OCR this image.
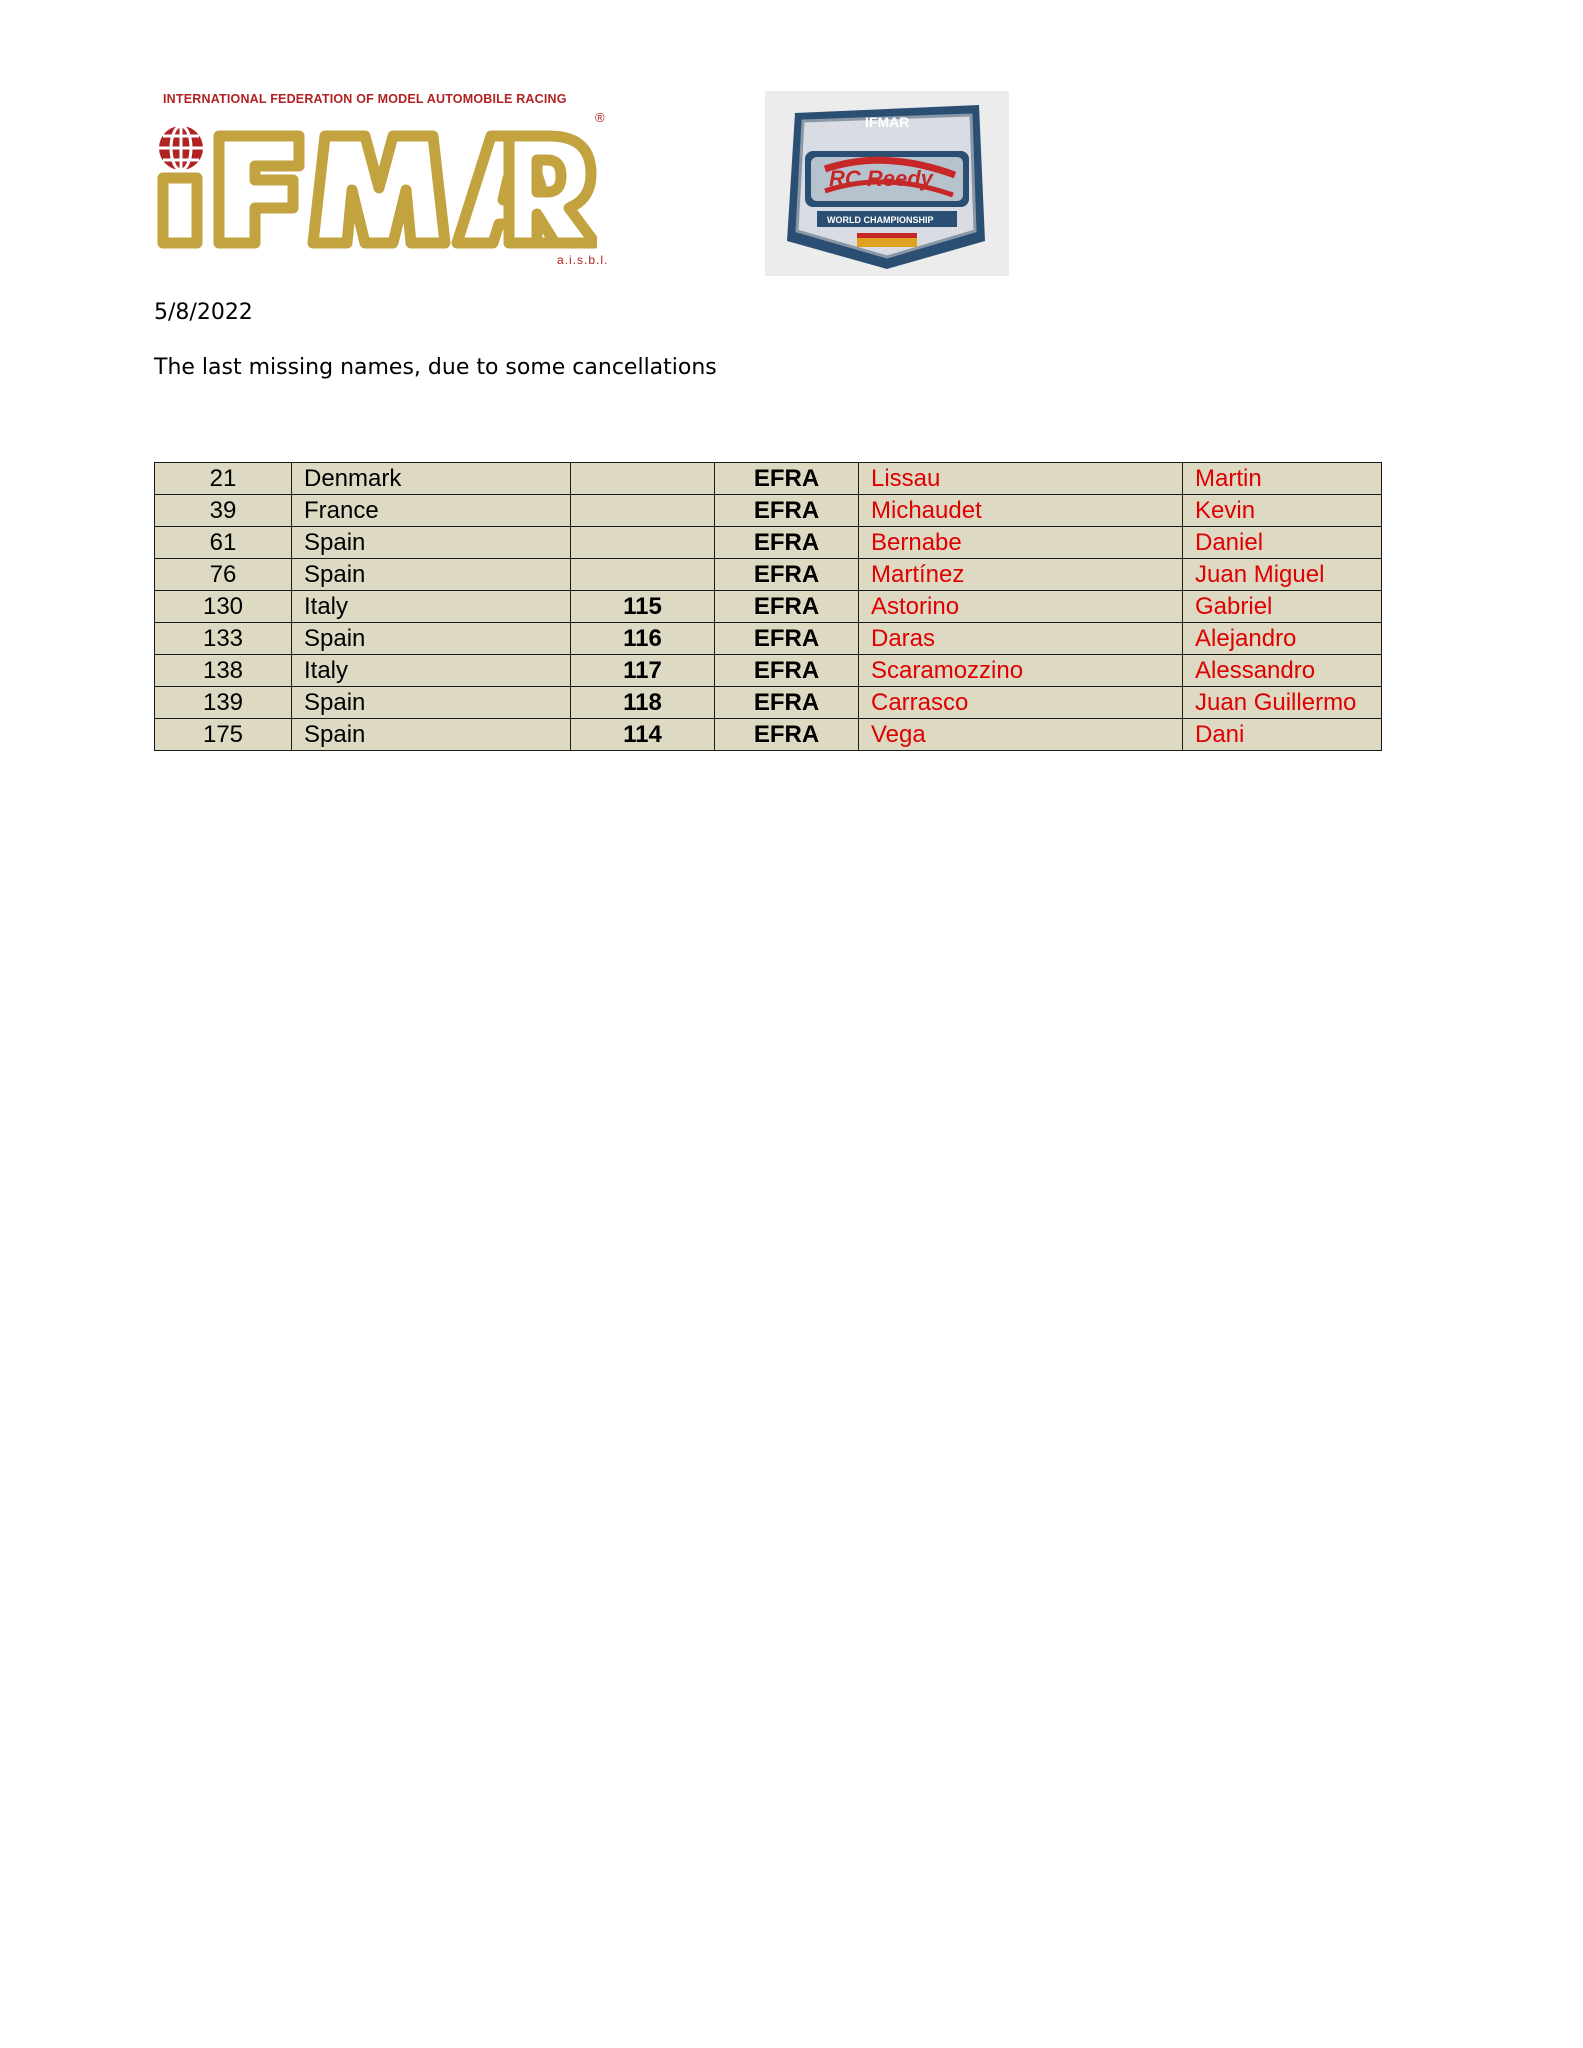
INTERNATIONAL FEDERATION OF MODEL AUTOMOBILE RACING
®
a.i.s.b.l.
IFMAR
RC Reedy
WORLD CHAMPIONSHIP
5/8/2022
The last missing names, due to some cancellations
21	Denmark		EFRA	Lissau	Martin
39	France		EFRA	Michaudet	Kevin
61	Spain		EFRA	Bernabe	Daniel
76	Spain		EFRA	Martínez	Juan Miguel
130	Italy	115	EFRA	Astorino	Gabriel
133	Spain	116	EFRA	Daras	Alejandro
138	Italy	117	EFRA	Scaramozzino	Alessandro
139	Spain	118	EFRA	Carrasco	Juan Guillermo
175	Spain	114	EFRA	Vega	Dani
